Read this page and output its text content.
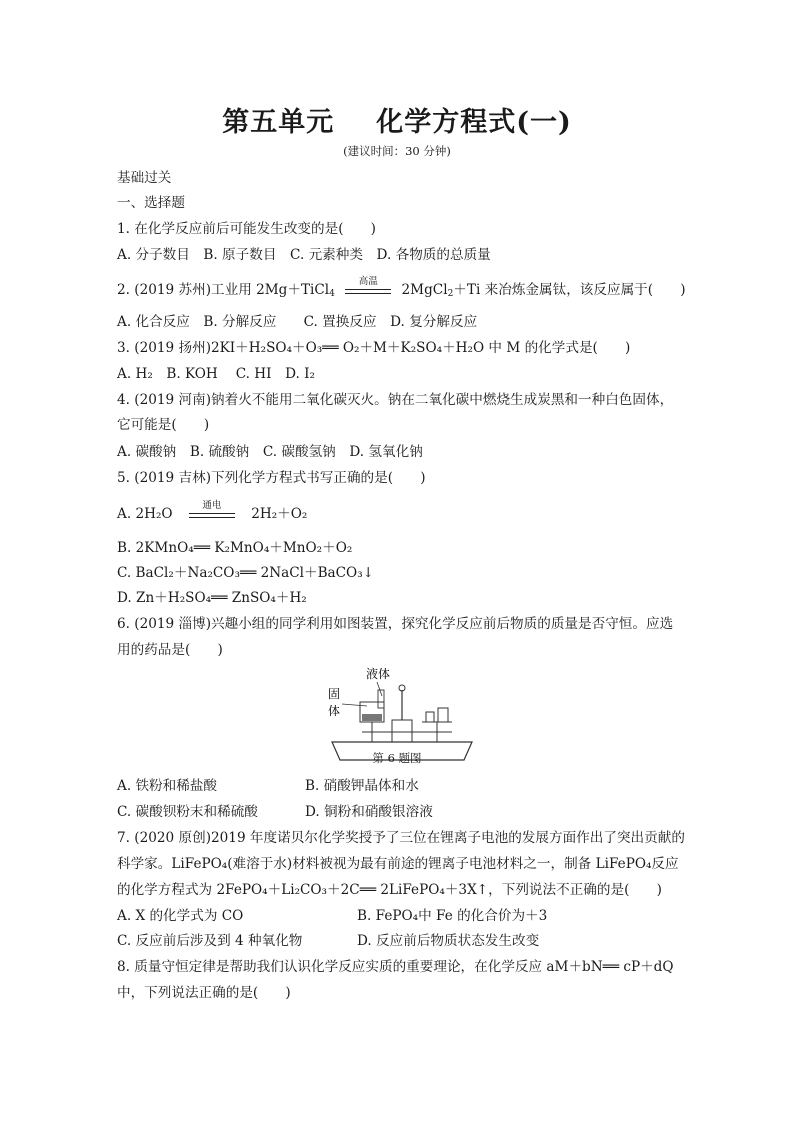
第五单元 化学方程式(一)
(建议时间：30 分钟)
基础过关
一、选择题
1. 在化学反应前后可能发生改变的是(　　)
A. 分子数目　B. 原子数目　C. 元素种类　D. 各物质的总质量
2. (2019 苏州)工业用 2Mg＋TiCl$_4$
高温
2MgCl$_2$＋Ti 来冶炼金属钛，该反应属于(　　)
A. 化合反应　B. 分解反应　　C. 置换反应　D. 复分解反应
3. (2019 扬州)2KI＋H₂SO₄＋O₃══ O₂＋M＋K₂SO₄＋H₂O 中 M 的化学式是(　　)
A. H₂　B. KOH　 C. HI　D. I₂
4. (2019 河南)钠着火不能用二氧化碳灭火。钠在二氧化碳中燃烧生成炭黑和一种白色固体，
它可能是(　　)
A. 碳酸钠　B. 硫酸钠　C. 碳酸氢钠　D. 氢氧化钠
5. (2019 吉林)下列化学方程式书写正确的是(　　)
A. 2H₂O
通电
2H₂＋O₂
B. 2KMnO₄══ K₂MnO₄＋MnO₂＋O₂
C. BaCl₂＋Na₂CO₃══ 2NaCl＋BaCO₃↓
D. Zn＋H₂SO₄══ ZnSO₄＋H₂
6. (2019 淄博)兴趣小组的同学利用如图装置，探究化学反应前后物质的质量是否守恒。应选
用的药品是(　　)
液体
固
体
第 6 题图
A. 铁粉和稀盐酸	B. 硝酸钾晶体和水
C. 碳酸钡粉末和稀硫酸	D. 铜粉和硝酸银溶液
7. (2020 原创)2019 年度诺贝尔化学奖授予了三位在锂离子电池的发展方面作出了突出贡献的
科学家。LiFePO₄(难溶于水)材料被视为最有前途的锂离子电池材料之一，制备 LiFePO₄反应
的化学方程式为 2FePO₄＋Li₂CO₃＋2C══ 2LiFePO₄＋3X↑，下列说法不正确的是(　　)
A. X 的化学式为 CO	B. FePO₄中 Fe 的化合价为＋3
C. 反应前后涉及到 4 种氧化物	D. 反应前后物质状态发生改变
8. 质量守恒定律是帮助我们认识化学反应实质的重要理论，在化学反应 aM＋bN══ cP＋dQ
中，下列说法正确的是(　　)
